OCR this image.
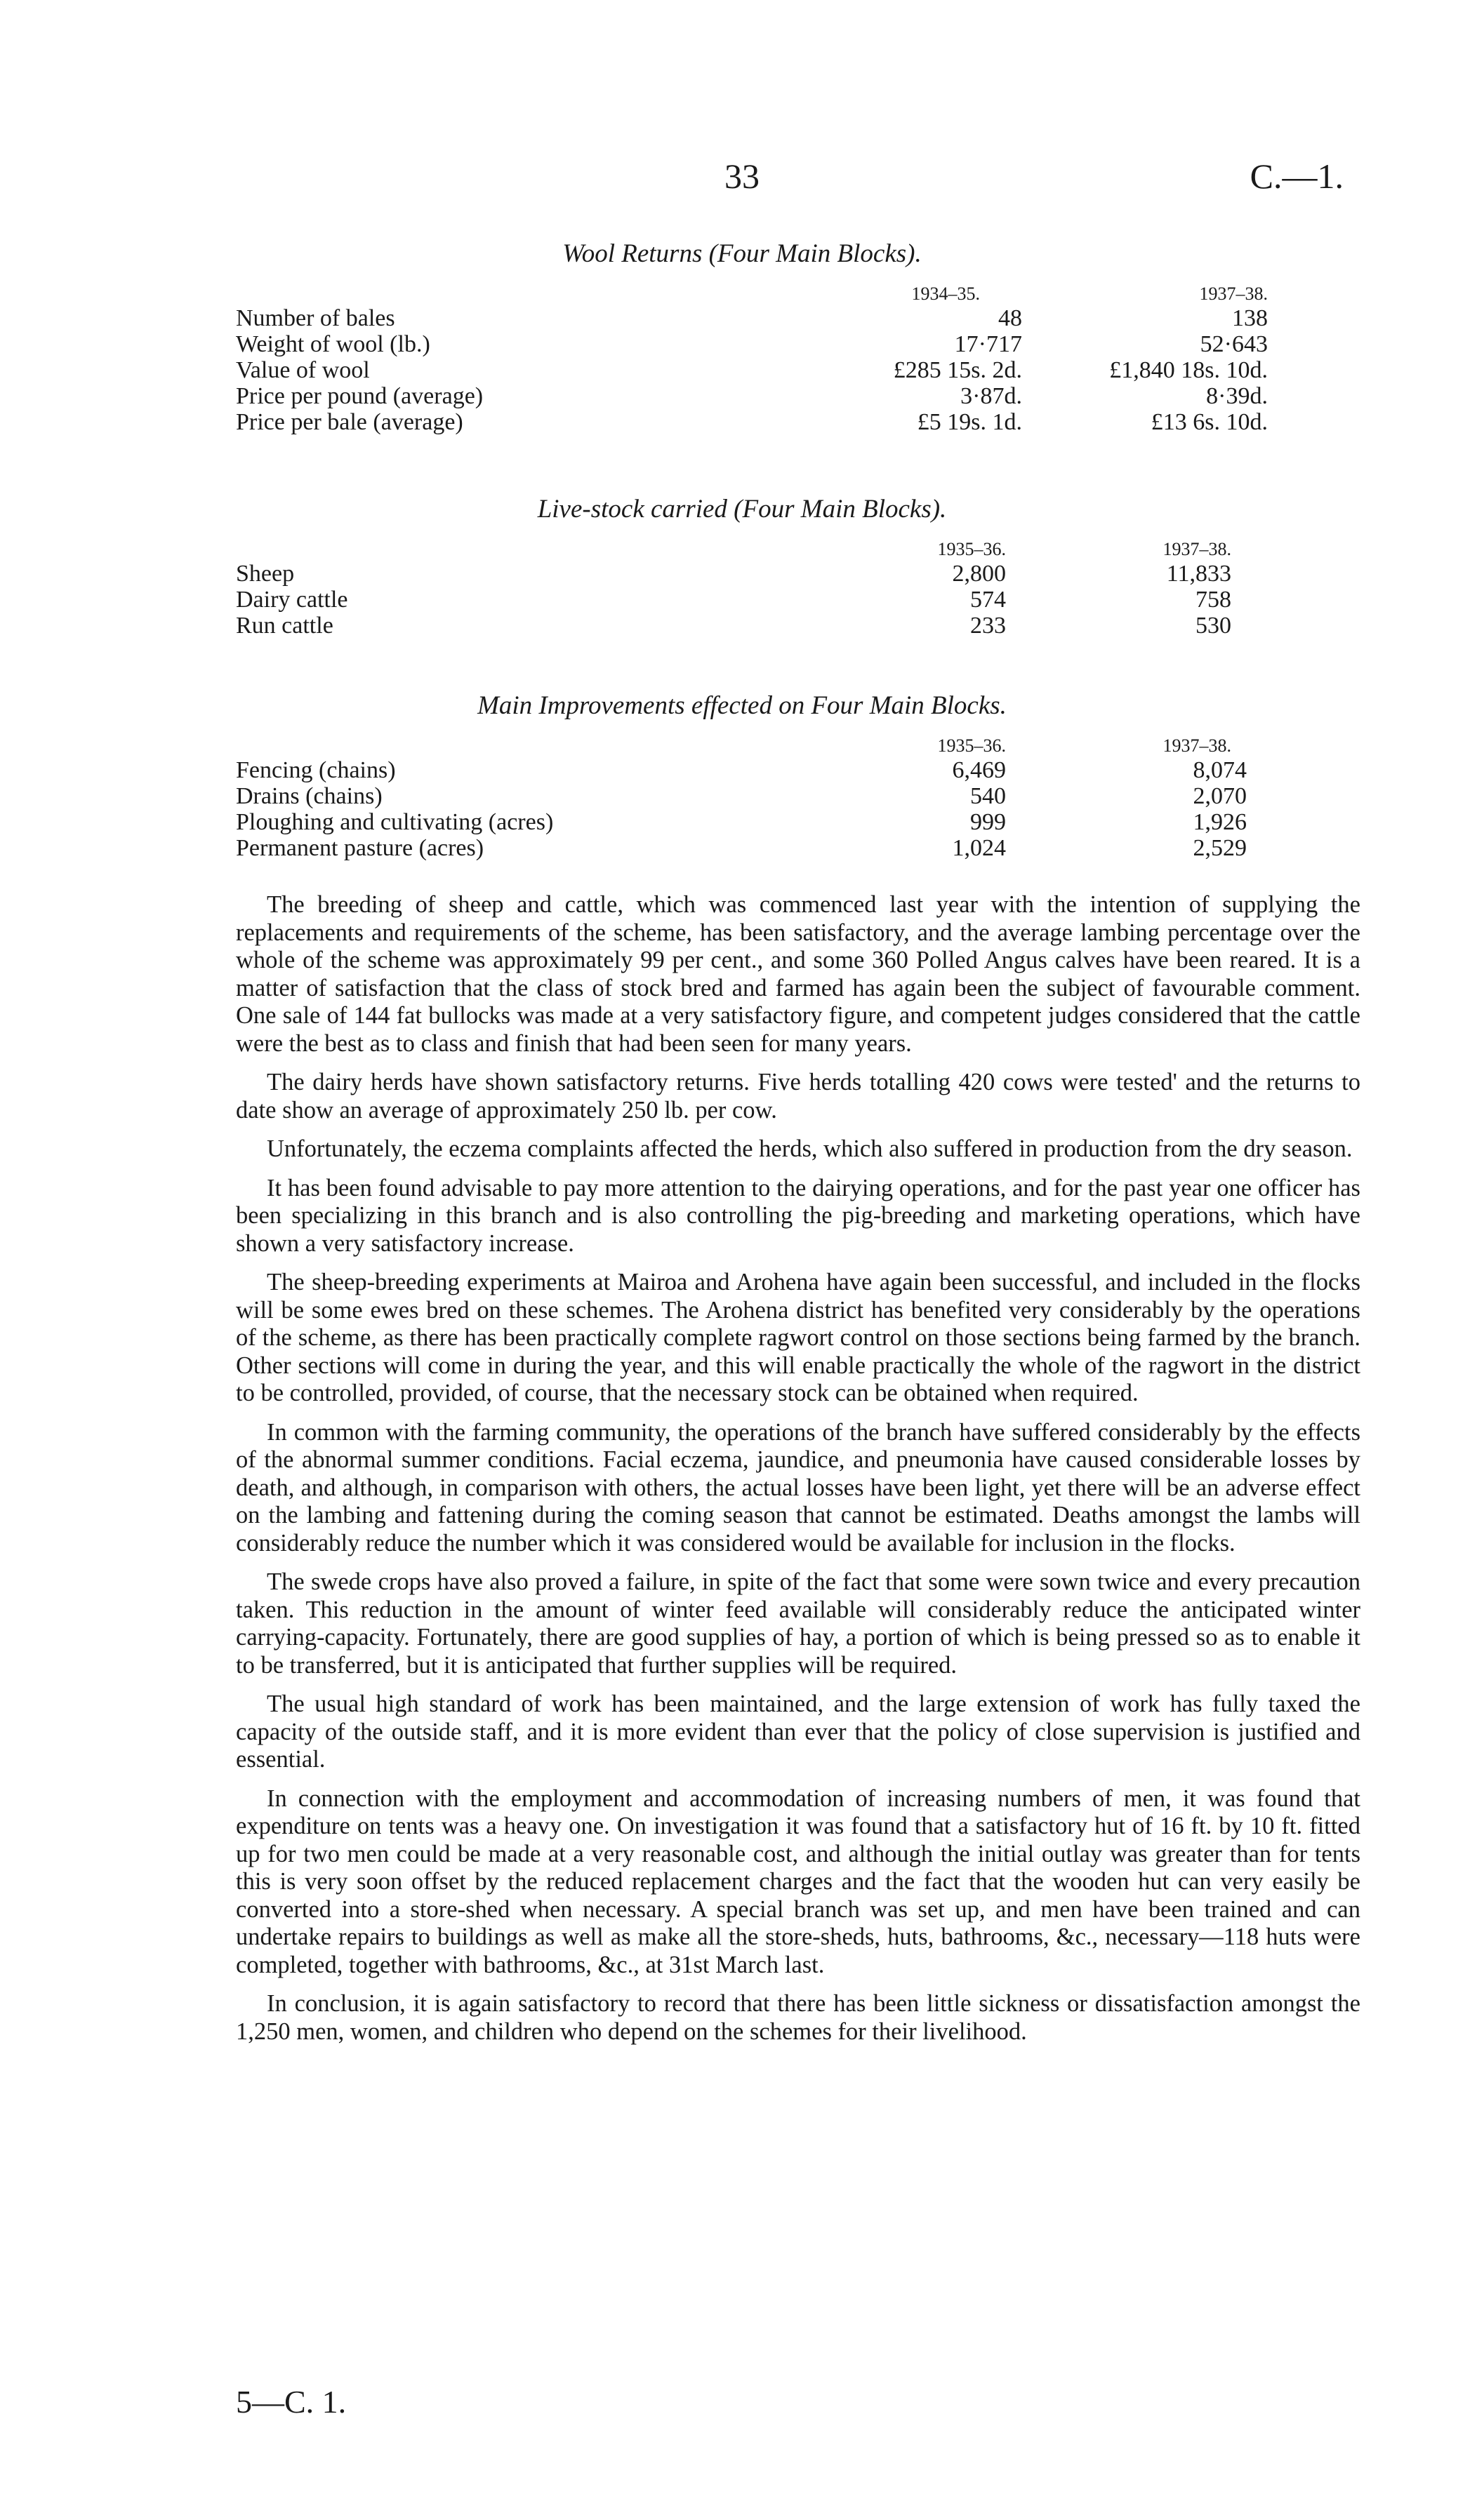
33	C.—1.
Wool Returns (Four Main Blocks).
1934–35.	1937–38.
Number of bales	48	138
Weight of wool (lb.)	17·717	52·643
Value of wool	£285 15s. 2d.	£1,840 18s. 10d.
Price per pound (average)	3·87d.	8·39d.
Price per bale (average)	£5 19s. 1d.	£13 6s. 10d.
Live-stock carried (Four Main Blocks).
1935–36.	1937–38.
Sheep	2,800	11,833
Dairy cattle	574	758
Run cattle	233	530
Main Improvements effected on Four Main Blocks.
1935–36.	1937–38.
Fencing (chains)	6,469	8,074
Drains (chains)	540	2,070
Ploughing and cultivating (acres)	999	1,926
Permanent pasture (acres)	1,024	2,529

The breeding of sheep and cattle, which was commenced last year with the intention of supplying the replacements and requirements of the scheme, has been satisfactory, and the average lambing percentage over the whole of the scheme was approximately 99 per cent., and some 360 Polled Angus calves have been reared. It is a matter of satisfaction that the class of stock bred and farmed has again been the subject of favourable comment. One sale of 144 fat bullocks was made at a very satisfactory figure, and competent judges considered that the cattle were the best as to class and finish that had been seen for many years.

The dairy herds have shown satisfactory returns. Five herds totalling 420 cows were tested' and the returns to date show an average of approximately 250 lb. per cow.

Unfortunately, the eczema complaints affected the herds, which also suffered in production from the dry season.

It has been found advisable to pay more attention to the dairying operations, and for the past year one officer has been specializing in this branch and is also controlling the pig-breeding and marketing operations, which have shown a very satisfactory increase.

The sheep-breeding experiments at Mairoa and Arohena have again been successful, and included in the flocks will be some ewes bred on these schemes. The Arohena district has benefited very considerably by the operations of the scheme, as there has been practically complete ragwort control on those sections being farmed by the branch. Other sections will come in during the year, and this will enable practically the whole of the ragwort in the district to be controlled, provided, of course, that the necessary stock can be obtained when required.

In common with the farming community, the operations of the branch have suffered considerably by the effects of the abnormal summer conditions. Facial eczema, jaundice, and pneumonia have caused considerable losses by death, and although, in comparison with others, the actual losses have been light, yet there will be an adverse effect on the lambing and fattening during the coming season that cannot be estimated. Deaths amongst the lambs will considerably reduce the number which it was considered would be available for inclusion in the flocks.

The swede crops have also proved a failure, in spite of the fact that some were sown twice and every precaution taken. This reduction in the amount of winter feed available will considerably reduce the anticipated winter carrying-capacity. Fortunately, there are good supplies of hay, a portion of which is being pressed so as to enable it to be transferred, but it is anticipated that further supplies will be required.

The usual high standard of work has been maintained, and the large extension of work has fully taxed the capacity of the outside staff, and it is more evident than ever that the policy of close supervision is justified and essential.

In connection with the employment and accommodation of increasing numbers of men, it was found that expenditure on tents was a heavy one. On investigation it was found that a satisfactory hut of 16 ft. by 10 ft. fitted up for two men could be made at a very reasonable cost, and although the initial outlay was greater than for tents this is very soon offset by the reduced replacement charges and the fact that the wooden hut can very easily be converted into a store-shed when necessary. A special branch was set up, and men have been trained and can undertake repairs to buildings as well as make all the store-sheds, huts, bathrooms, &c., necessary—118 huts were completed, together with bathrooms, &c., at 31st March last.

In conclusion, it is again satisfactory to record that there has been little sickness or dissatisfaction amongst the 1,250 men, women, and children who depend on the schemes for their livelihood.

5—C. 1.
